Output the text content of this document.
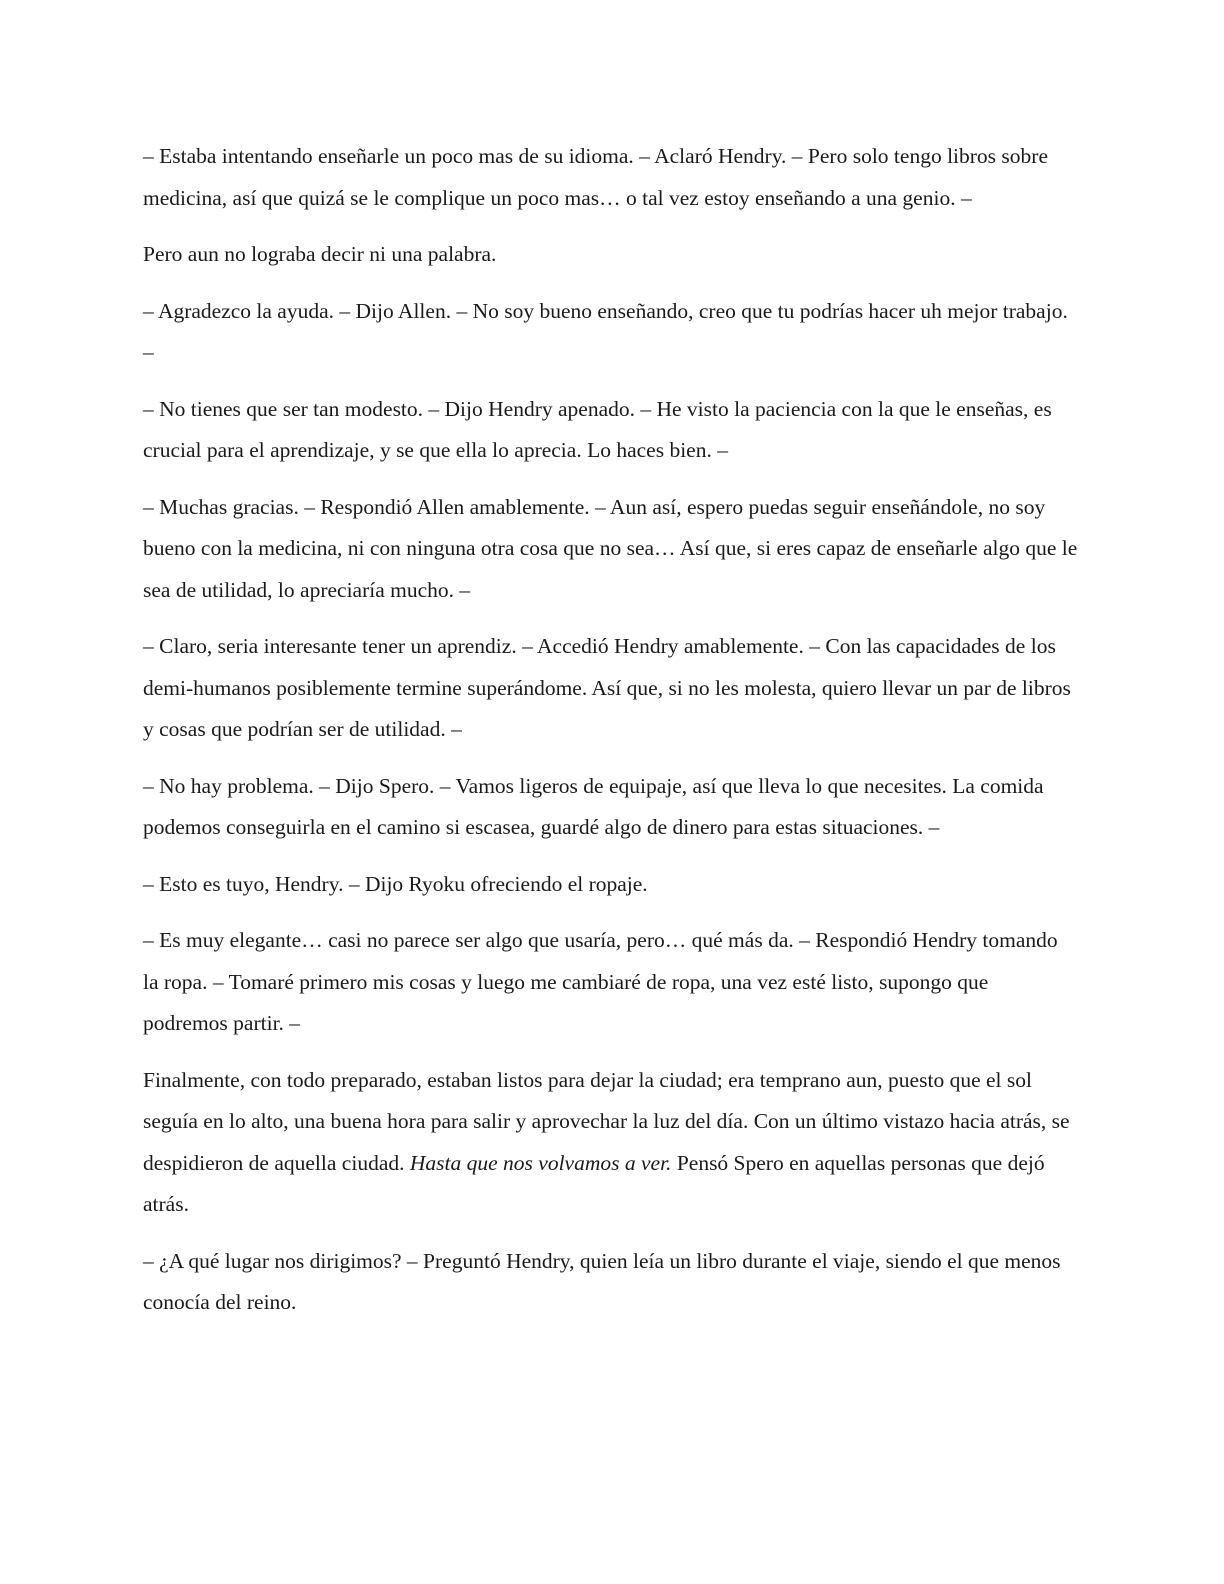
– Estaba intentando enseñarle un poco mas de su idioma. – Aclaró Hendry. – Pero solo tengo libros sobre medicina, así que quizá se le complique un poco mas… o tal vez estoy enseñando a una genio. –

Pero aun no lograba decir ni una palabra.

– Agradezco la ayuda. – Dijo Allen. – No soy bueno enseñando, creo que tu podrías hacer uh mejor trabajo. –

– No tienes que ser tan modesto. – Dijo Hendry apenado. – He visto la paciencia con la que le enseñas, es crucial para el aprendizaje, y se que ella lo aprecia. Lo haces bien. –

– Muchas gracias. – Respondió Allen amablemente. – Aun así, espero puedas seguir enseñándole, no soy bueno con la medicina, ni con ninguna otra cosa que no sea… Así que, si eres capaz de enseñarle algo que le sea de utilidad, lo apreciaría mucho. –

– Claro, seria interesante tener un aprendiz. – Accedió Hendry amablemente. – Con las capacidades de los demi-humanos posiblemente termine superándome. Así que, si no les molesta, quiero llevar un par de libros y cosas que podrían ser de utilidad. –

– No hay problema. – Dijo Spero. – Vamos ligeros de equipaje, así que lleva lo que necesites. La comida podemos conseguirla en el camino si escasea, guardé algo de dinero para estas situaciones. –

– Esto es tuyo, Hendry. – Dijo Ryoku ofreciendo el ropaje.

– Es muy elegante… casi no parece ser algo que usaría, pero… qué más da. – Respondió Hendry tomando la ropa. – Tomaré primero mis cosas y luego me cambiaré de ropa, una vez esté listo, supongo que podremos partir. –

Finalmente, con todo preparado, estaban listos para dejar la ciudad; era temprano aun, puesto que el sol seguía en lo alto, una buena hora para salir y aprovechar la luz del día. Con un último vistazo hacia atrás, se despidieron de aquella ciudad. Hasta que nos volvamos a ver. Pensó Spero en aquellas personas que dejó atrás.

– ¿A qué lugar nos dirigimos? – Preguntó Hendry, quien leía un libro durante el viaje, siendo el que menos conocía del reino.
